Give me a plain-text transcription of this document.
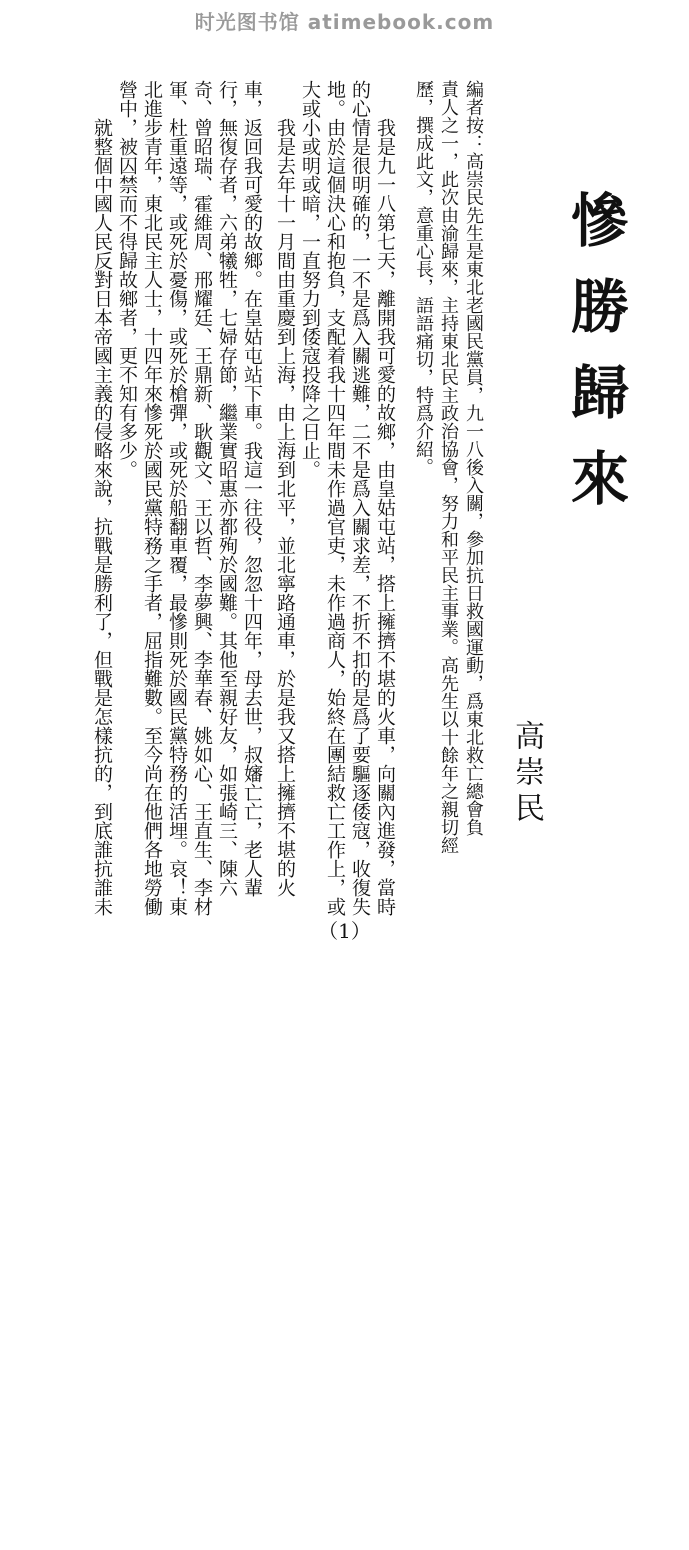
时光图书馆 atimebook.com
慘勝歸來
高崇民
編者按：高崇民先生是東北老國民黨員，九一八後入關，參加抗日救國運動，爲東北救亡總會負
責人之一，此次由渝歸來，主持東北民主政治協會，努力和平民主事業。高先生以十餘年之親切經
歷，撰成此文，意重心長，語語痛切，特爲介紹。
我是九一八第七天，離開我可愛的故鄉，由皇姑屯站，搭上擁擠不堪的火車，向關內進發，當時
的心情是很明確的，一不是爲入關逃難，二不是爲入關求差，不折不扣的是爲了要驅逐倭寇，收復失
地。由於這個決心和抱負，支配着我十四年間未作過官吏，未作過商人，始終在團結救亡工作上，或
大或小或明或暗，一直努力到倭寇投降之日止。
我是去年十一月間由重慶到上海，由上海到北平，並北寧路通車，於是我又搭上擁擠不堪的火
車，返回我可愛的故鄉。在皇姑屯站下車。我這一往役，忽忽十四年，母去世，叔嬸亡亡，老人輩
行，無復存者，六弟犧牲，七婦存節，繼業實昭惠亦都殉於國難。其他至親好友，如張崎三、陳六
奇、曾昭瑞、霍維周、邢耀廷、王鼎新、耿觀文、王以哲、李夢興、李華春、姚如心、王直生、李材
軍、杜重遠等，或死於憂傷，或死於槍彈，或死於船翻車覆，最慘則死於國民黨特務的活埋。哀！東
北進步青年，東北民主人士，十四年來慘死於國民黨特務之手者，屈指難數。至今尚在他們各地勞働
營中，被囚禁而不得歸故鄉者，更不知有多少。
就整個中國人民反對日本帝國主義的侵略來說，抗戰是勝利了，但戰是怎樣抗的，到底誰抗誰未
（1）
